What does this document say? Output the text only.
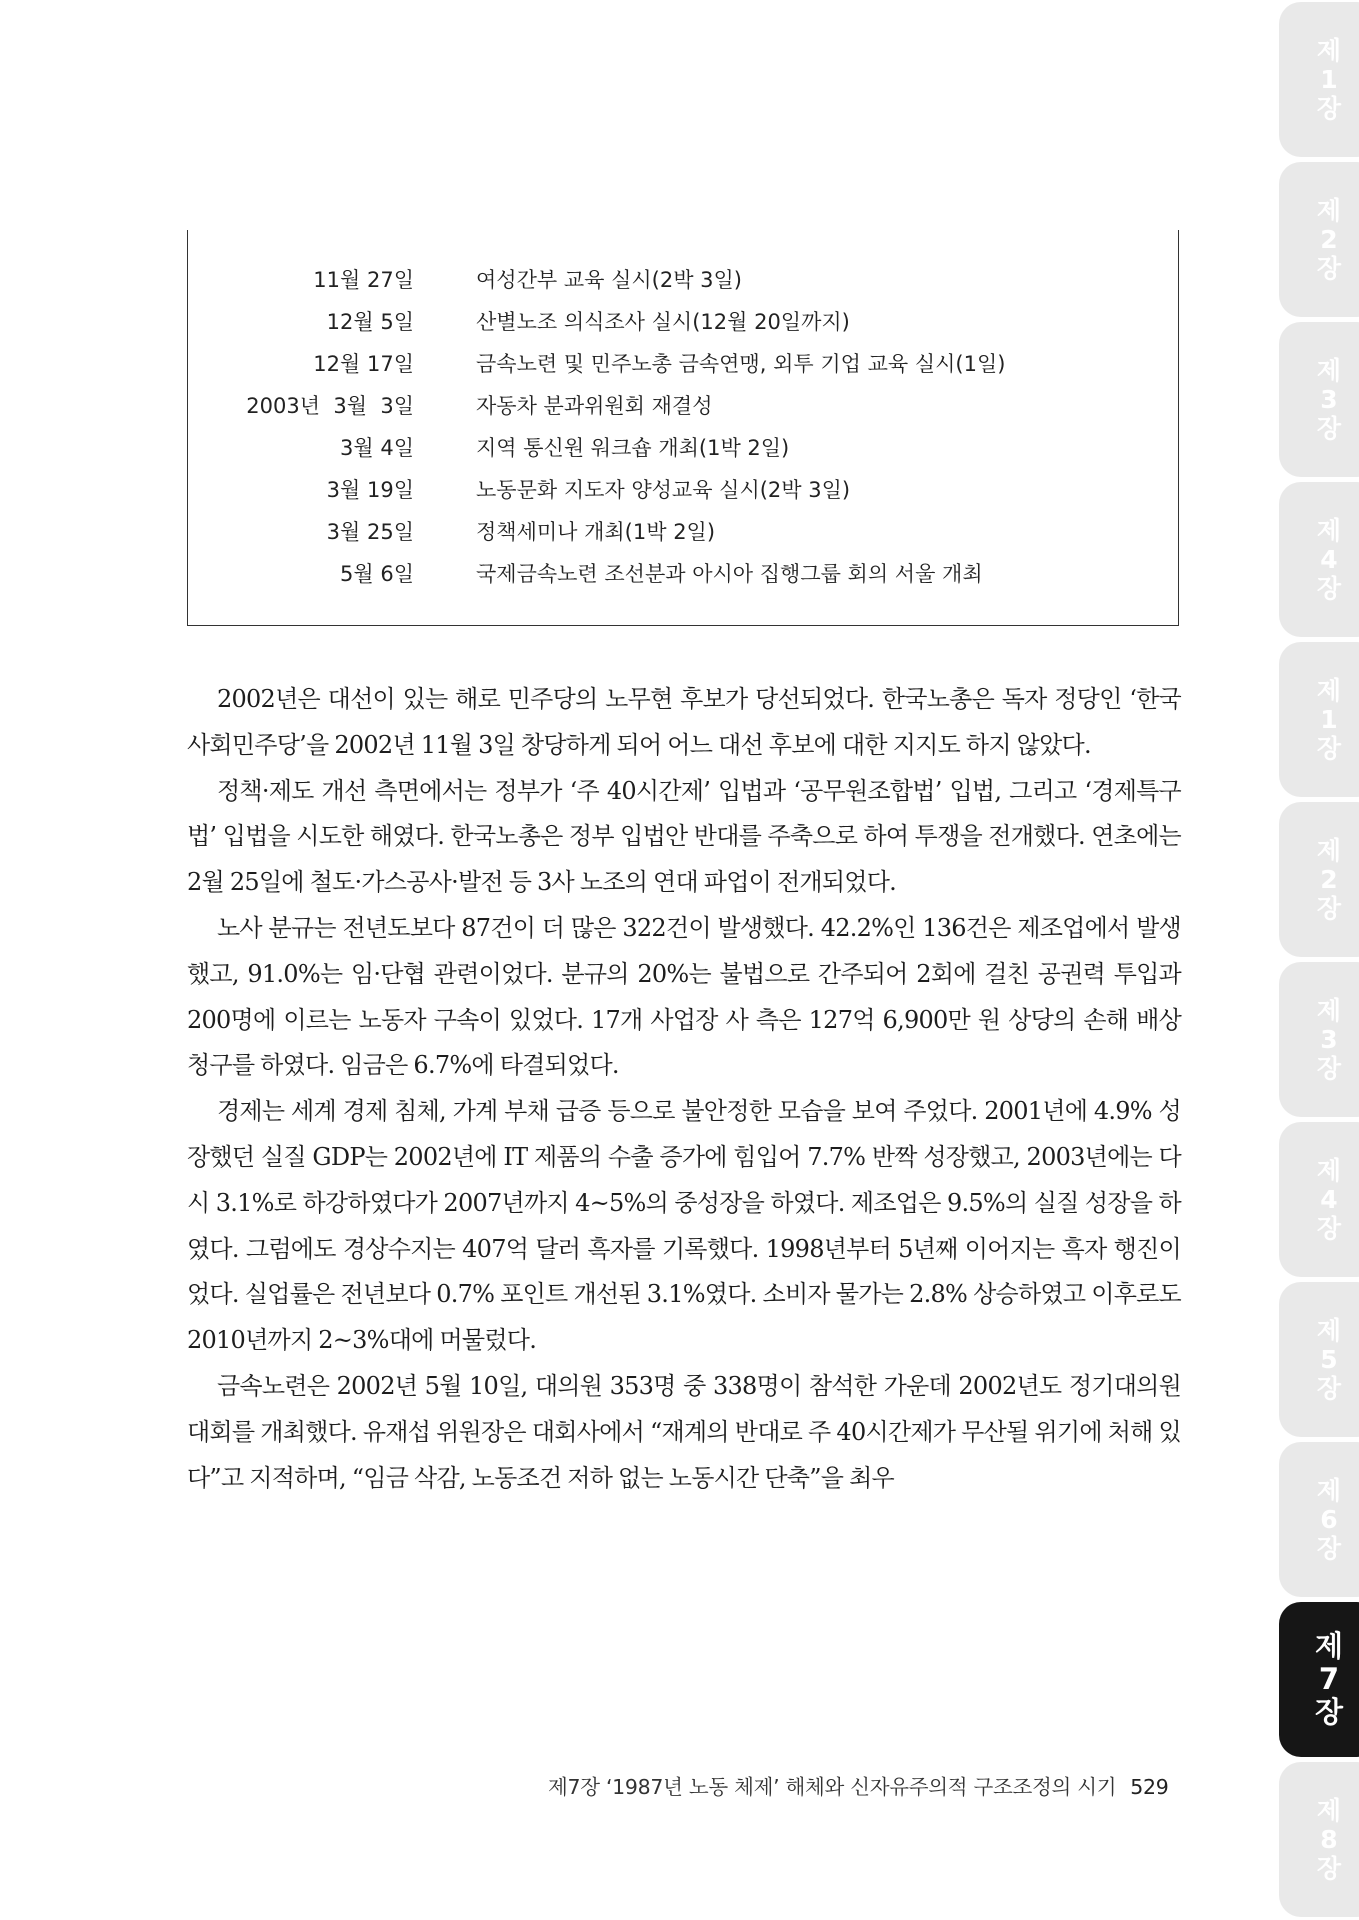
11월 27일	여성간부 교육 실시(2박 3일)
12월 5일	산별노조 의식조사 실시(12월 20일까지)
12월 17일	금속노련 및 민주노총 금속연맹, 외투 기업 교육 실시(1일)
2003년  3월  3일	자동차 분과위원회 재결성
3월 4일	지역 통신원 워크숍 개최(1박 2일)
3월 19일	노동문화 지도자 양성교육 실시(2박 3일)
3월 25일	정책세미나 개최(1박 2일)
5월 6일	국제금속노련 조선분과 아시아 집행그룹 회의 서울 개최

2002년은 대선이 있는 해로 민주당의 노무현 후보가 당선되었다. 한국노총은 독자 정당인 ‘한국사회민주당’을 2002년 11월 3일 창당하게 되어 어느 대선 후보에 대한 지지도 하지 않았다.

정책·제도 개선 측면에서는 정부가 ‘주 40시간제’ 입법과 ‘공무원조합법’ 입법, 그리고 ‘경제특구법’ 입법을 시도한 해였다. 한국노총은 정부 입법안 반대를 주축으로 하여 투쟁을 전개했다. 연초에는 2월 25일에 철도·가스공사·발전 등 3사 노조의 연대 파업이 전개되었다.

노사 분규는 전년도보다 87건이 더 많은 322건이 발생했다. 42.2%인 136건은 제조업에서 발생했고, 91.0%는 임·단협 관련이었다. 분규의 20%는 불법으로 간주되어 2회에 걸친 공권력 투입과 200명에 이르는 노동자 구속이 있었다. 17개 사업장 사 측은 127억 6,900만 원 상당의 손해 배상 청구를 하였다. 임금은 6.7%에 타결되었다.

경제는 세계 경제 침체, 가계 부채 급증 등으로 불안정한 모습을 보여 주었다. 2001년에 4.9% 성장했던 실질 GDP는 2002년에 IT 제품의 수출 증가에 힘입어 7.7% 반짝 성장했고, 2003년에는 다시 3.1%로 하강하였다가 2007년까지 4~5%의 중성장을 하였다. 제조업은 9.5%의 실질 성장을 하였다. 그럼에도 경상수지는 407억 달러 흑자를 기록했다. 1998년부터 5년째 이어지는 흑자 행진이었다. 실업률은 전년보다 0.7% 포인트 개선된 3.1%였다. 소비자 물가는 2.8% 상승하였고 이후로도 2010년까지 2~3%대에 머물렀다.

금속노련은 2002년 5월 10일, 대의원 353명 중 338명이 참석한 가운데 2002년도 정기대의원 대회를 개최했다. 유재섭 위원장은 대회사에서 “재계의 반대로 주 40시간제가 무산될 위기에 처해 있다”고 지적하며, “임금 삭감, 노동조건 저하 없는 노동시간 단축”을 최우

제7장 ‘1987년 노동 체제’ 해체와 신자유주의적 구조조정의 시기 529
제
1
장
제
2
장
제
3
장
제
4
장
제
1
장
제
2
장
제
3
장
제
4
장
제
5
장
제
6
장
제
7
장
제
8
장
